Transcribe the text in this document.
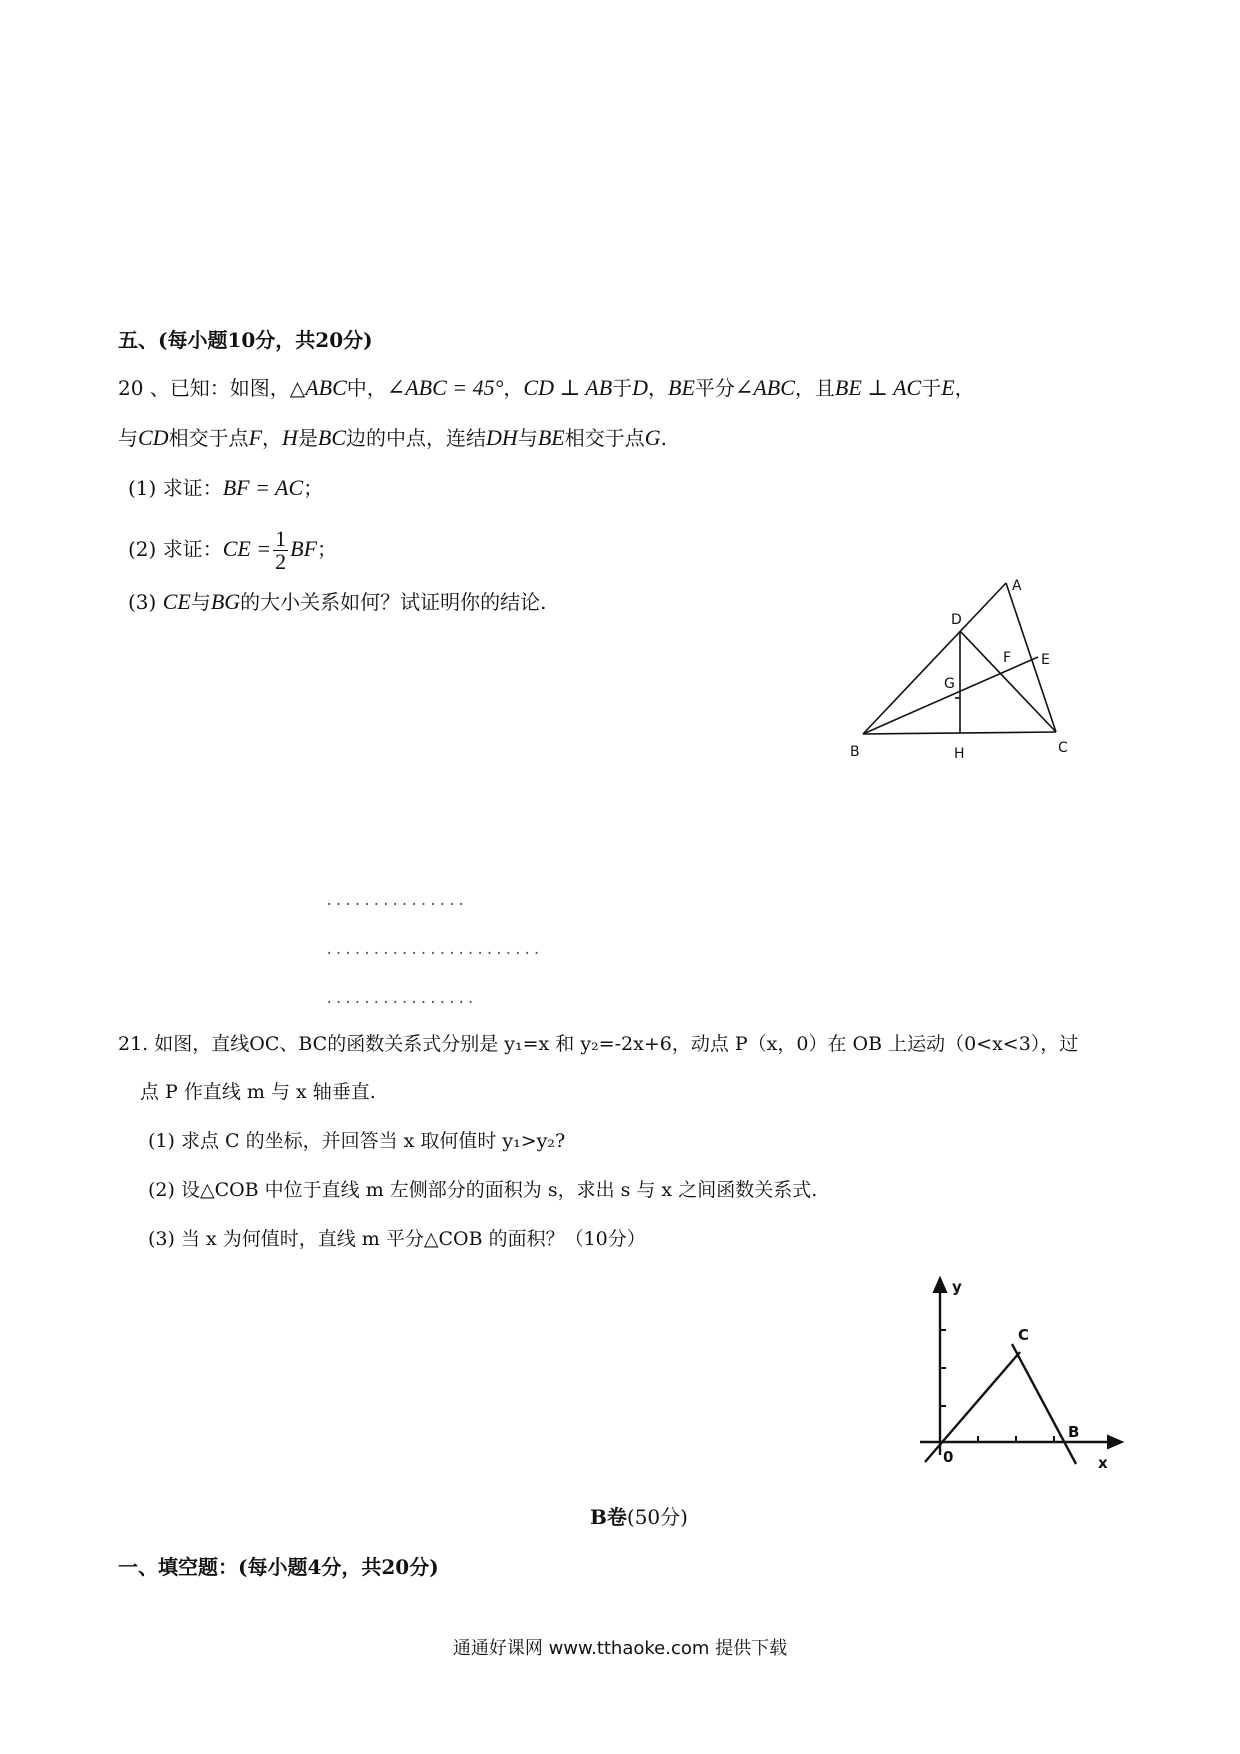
五、(每小题10分，共20分)
20 、已知：如图，△ABC中，∠ABC = 45°，CD ⊥ AB于D，BE平分∠ABC，且BE ⊥ AC于E，
与CD相交于点F，H是BC边的中点，连结DH与BE相交于点G.
(1) 求证：BF = AC；
(2) 求证：CE = $\frac{1}{2}$ BF；
(3) CE与BG的大小关系如何？试证明你的结论.
A
B	C
D
E
F
G
H
...............
.......................
................
21. 如图，直线OC、BC的函数关系式分别是 y₁=x 和 y₂=-2x+6，动点 P（x，0）在 OB 上运动（0<x<3），过
点 P 作直线 m 与 x 轴垂直.
(1) 求点 C 的坐标，并回答当 x 取何值时 y₁>y₂?
(2) 设△COB 中位于直线 m 左侧部分的面积为 s，求出 s 与 x 之间函数关系式.
(3) 当 x 为何值时，直线 m 平分△COB 的面积？（10分）
y
x
0
B
C
B卷(50分)
一、填空题：(每小题4分，共20分)
通通好课网 www.tthaoke.com 提供下载
